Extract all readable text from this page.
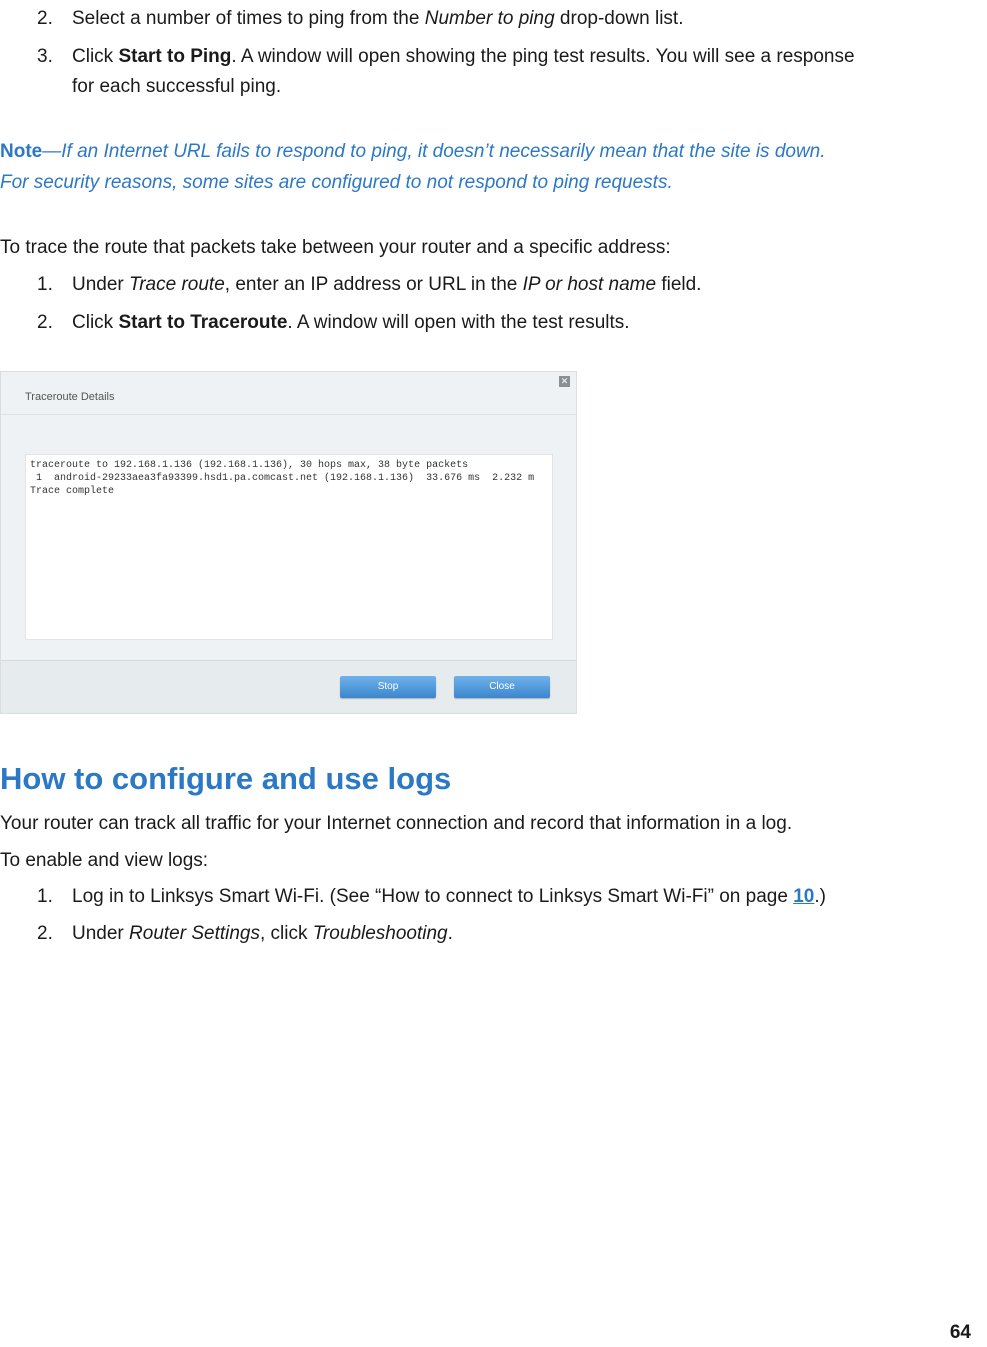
2. Select a number of times to ping from the Number to ping drop-down list.
3. Click Start to Ping. A window will open showing the ping test results. You will see a response
for each successful ping.
Note—If an Internet URL fails to respond to ping, it doesn’t necessarily mean that the site is down.
For security reasons, some sites are configured to not respond to ping requests.
To trace the route that packets take between your router and a specific address:
1. Under Trace route, enter an IP address or URL in the IP or host name field.
2. Click Start to Traceroute. A window will open with the test results.
Traceroute Details
✕
traceroute to 192.168.1.136 (192.168.1.136), 30 hops max, 38 byte packets
1  android-29233aea3fa93399.hsd1.pa.comcast.net (192.168.1.136)  33.676 ms  2.232 m
Trace complete
Stop	Close
How to configure and use logs
Your router can track all traffic for your Internet connection and record that information in a log.
To enable and view logs:
1. Log in to Linksys Smart Wi-Fi. (See “How to connect to Linksys Smart Wi-Fi” on page 10.)
2. Under Router Settings, click Troubleshooting.
64
